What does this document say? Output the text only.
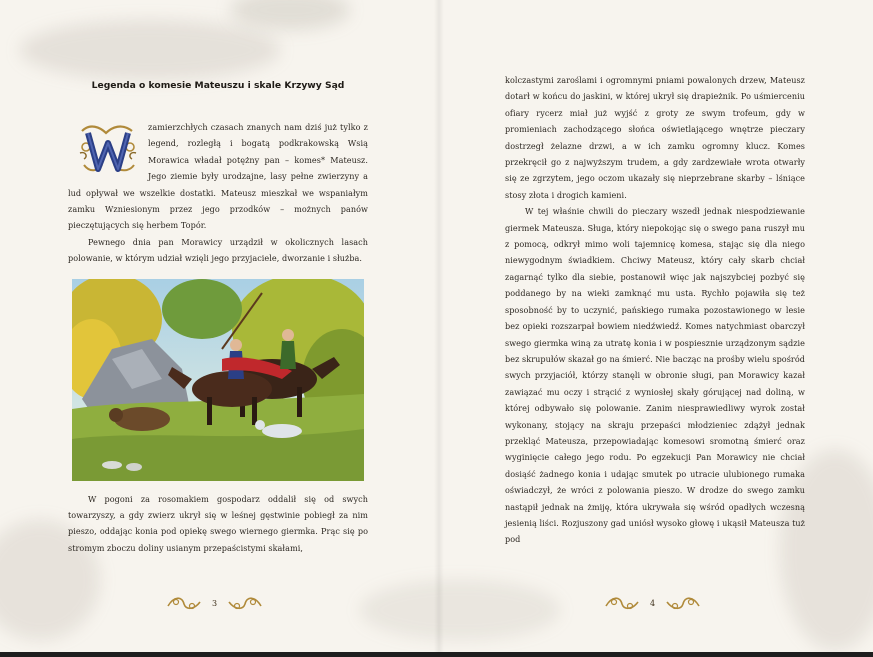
Legenda o komesie Mateuszu i skale Krzywy Sąd

zamierzchłych czasach znanych nam dziś już tylko z legend, rozległą i bogatą podkrakowską Wsią Morawica władał potężny pan – komes* Mateusz. Jego ziemie były urodzajne, lasy pełne zwierzyny a lud opływał we wszelkie dostatki. Mateusz mieszkał we wspaniałym zamku Wzniesionym przez jego przodków – możnych panów pieczętujących się herbem Topór.

Pewnego dnia pan Morawicy urządził w okolicznych lasach polowanie, w którym udział wzięli jego przyjaciele, dworzanie i służba.

W pogoni za rosomakiem gospodarz oddalił się od swych towarzyszy, a gdy zwierz ukrył się w leśnej gęstwinie pobiegł za nim pieszo, oddając konia pod opiekę swego wiernego giermka. Prąc się po stromym zboczu doliny usianym przepaścistymi skałami,

kolczastymi zaroślami i ogromnymi pniami powalonych drzew, Mateusz dotarł w końcu do jaskini, w której ukrył się drapieżnik. Po uśmierceniu ofiary rycerz miał już wyjść z groty ze swym trofeum, gdy w promieniach zachodzącego słońca oświetlającego wnętrze pieczary dostrzegł żelazne drzwi, a w ich zamku ogromny klucz. Komes przekręcił go z najwyższym trudem, a gdy zardzewiałe wrota otwarły się ze zgrzytem, jego oczom ukazały się nieprzebrane skarby – lśniące stosy złota i drogich kamieni.

W tej właśnie chwili do pieczary wszedł jednak niespodziewanie giermek Mateusza. Sługa, który niepokojąc się o swego pana ruszył mu z pomocą, odkrył mimo woli tajemnicę komesa, stając się dla niego niewygodnym świadkiem. Chciwy Mateusz, który cały skarb chciał zagarnąć tylko dla siebie, postanowił więc jak najszybciej pozbyć się poddanego by na wieki zamknąć mu usta. Rychło pojawiła się też sposobność by to uczynić, pańskiego rumaka pozostawionego w lesie bez opieki rozszarpał bowiem niedźwiedź. Komes natychmiast obarczył swego giermka winą za utratę konia i w pospiesznie urządzonym sądzie bez skrupułów skazał go na śmierć. Nie bacząc na prośby wielu spośród swych przyjaciół, którzy stanęli w obronie sługi, pan Morawicy kazał zawiązać mu oczy i strącić z wyniosłej skały górującej nad doliną, w której odbywało się polowanie. Zanim niesprawiedliwy wyrok został wykonany, stojący na skraju przepaści młodzieniec zdążył jednak przekląć Mateusza, przepowiadając komesowi sromotną śmierć oraz wyginięcie całego jego rodu. Po egzekucji Pan Morawicy nie chciał dosiąść żadnego konia i udając smutek po utracie ulubionego rumaka oświadczył, że wróci z polowania pieszo. W drodze do swego zamku nastąpił jednak na żmiję, która ukrywała się wśród opadłych wczesną jesienią liści. Rozjuszony gad uniósł wysoko głowę i ukąsił Mateusza tuż pod

3	4
